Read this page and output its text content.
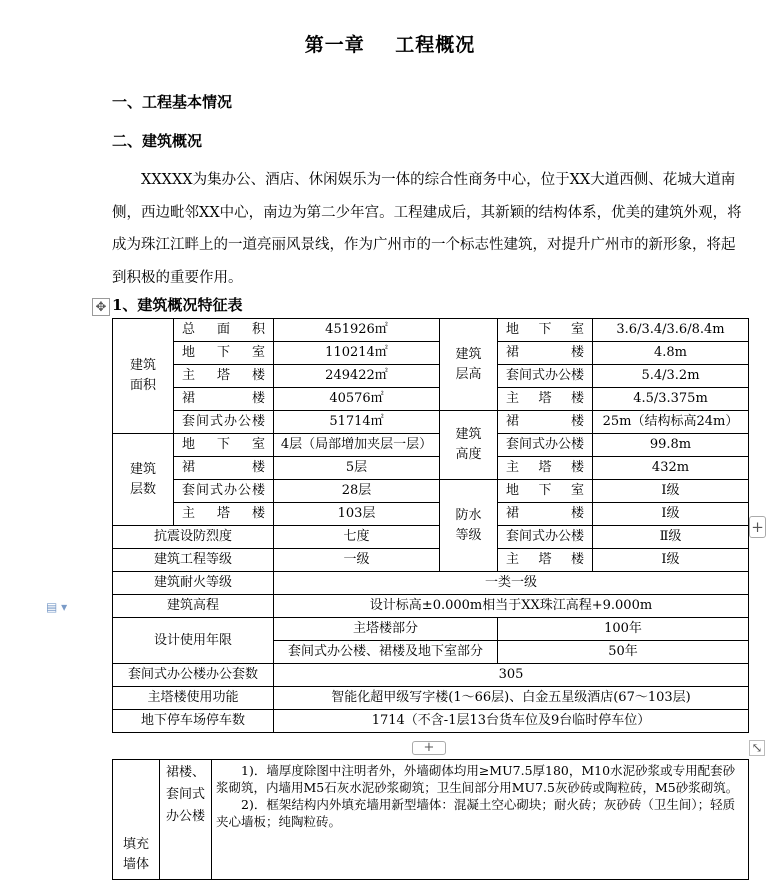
第一章    工程概况
一、工程基本情况
二、建筑概况
XXXXX为集办公、酒店、休闲娱乐为一体的综合性商务中心，位于XX大道西侧、花城大道南侧，西边毗邻XX中心，南边为第二少年宫。工程建成后，其新颖的结构体系，优美的建筑外观，将成为珠江江畔上的一道亮丽风景线，作为广州市的一个标志性建筑，对提升广州市的新形象，将起到积极的重要作用。
1、建筑概况特征表
✥
▤ ▾
建筑面积	总面积	451926㎡	建筑层高	地下室	3.6/3.4/3.6/8.4m
	地下室	110214㎡		裙楼	4.8m
	主塔楼	249422㎡		套间式办公楼	5.4/3.2m
	裙楼	40576㎡		主塔楼	4.5/3.375m
	套间式办公楼	51714㎡	建筑高度	裙楼	25m（结构标高24m）
建筑层数	地下室	4层（局部增加夹层一层）		套间式办公楼	99.8m
	裙楼	5层		主塔楼	432m
	套间式办公楼	28层	防水等级	地下室	Ⅰ级
	主塔楼	103层		裙楼	Ⅰ级
抗震设防烈度		七度		套间式办公楼	Ⅱ级
建筑工程等级		一级		主塔楼	Ⅰ级
建筑耐火等级		一类一级			
建筑高程		设计标高±0.000m相当于XX珠江高程+9.000m			
设计使用年限		主塔楼部分		100年	
		套间式办公楼、裙楼及地下室部分		50年	
套间式办公楼办公套数		305			
主塔楼使用功能		智能化超甲级写字楼(1～66层)、白金五星级酒店(67～103层)			
地下停车场停车数		1714（不含-1层13台货车位及9台临时停车位）			
+
+	⤡
填充墙体	裙楼、套间式办公楼	

1)．墙厚度除图中注明者外，外墙砌体均用≥MU7.5厚180，M10水泥砂浆或专用配套砂浆砌筑，内墙用M5石灰水泥砂浆砌筑；卫生间部分用MU7.5灰砂砖或陶粒砖，M5砂浆砌筑。

2)．框架结构内外填充墙用新型墙体：混凝土空心砌块；耐火砖；灰砂砖（卫生间）；轻质夹心墙板；纯陶粒砖。
